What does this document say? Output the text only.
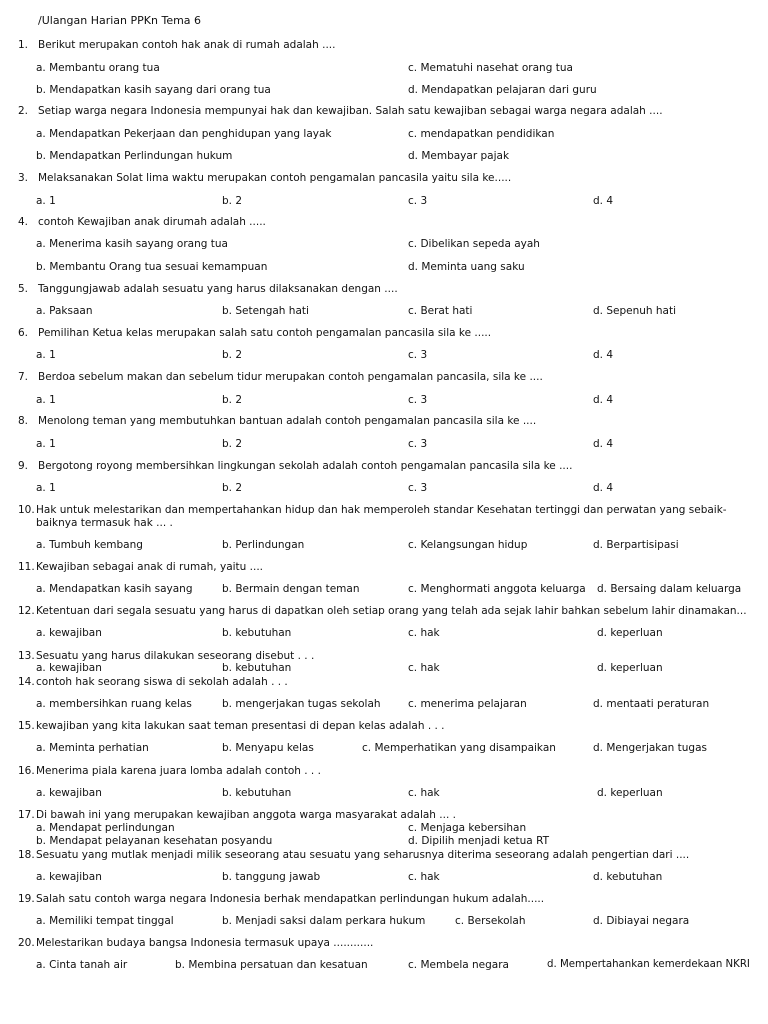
/Ulangan Harian PPKn Tema 6
1. Berikut merupakan contoh hak anak di rumah adalah ....
a. Membantu orang tua	c. Mematuhi nasehat orang tua
b. Mendapatkan kasih sayang dari orang tua	d. Mendapatkan pelajaran dari guru
2. Setiap warga negara Indonesia mempunyai hak dan kewajiban. Salah satu kewajiban sebagai warga negara adalah ....
a. Mendapatkan Pekerjaan dan penghidupan yang layak	c. mendapatkan pendidikan
b. Mendapatkan Perlindungan hukum	d. Membayar pajak
3. Melaksanakan Solat lima waktu merupakan contoh pengamalan pancasila yaitu sila ke.....
a. 1	b. 2	c. 3	d. 4
4. contoh Kewajiban anak dirumah adalah .....
a. Menerima kasih sayang orang tua	c. Dibelikan sepeda ayah
b. Membantu Orang tua sesuai kemampuan	d. Meminta uang saku
5. Tanggungjawab adalah sesuatu yang harus dilaksanakan dengan ....
a. Paksaan	b. Setengah hati	c. Berat hati	d. Sepenuh hati
6. Pemilihan Ketua kelas merupakan salah satu contoh pengamalan pancasila sila ke .....
a. 1	b. 2	c. 3	d. 4
7. Berdoa sebelum makan dan sebelum tidur merupakan contoh pengamalan pancasila, sila ke ....
a. 1	b. 2	c. 3	d. 4
8. Menolong teman yang membutuhkan bantuan adalah contoh pengamalan pancasila sila ke ....
a. 1	b. 2	c. 3	d. 4
9. Bergotong royong membersihkan lingkungan sekolah adalah contoh pengamalan pancasila sila ke ....
a. 1	b. 2	c. 3	d. 4
10. Hak untuk melestarikan dan mempertahankan hidup dan hak memperoleh standar Kesehatan tertinggi dan perwatan yang sebaik-
baiknya termasuk hak ... .
a. Tumbuh kembang	b. Perlindungan	c. Kelangsungan hidup	d. Berpartisipasi
11. Kewajiban sebagai anak di rumah, yaitu ....
a. Mendapatkan kasih sayang	b. Bermain dengan teman	c. Menghormati anggota keluarga d. Bersaing dalam keluarga
12. Ketentuan dari segala sesuatu yang harus di dapatkan oleh setiap orang yang telah ada sejak lahir bahkan sebelum lahir dinamakan...
a. kewajiban	b. kebutuhan	c. hak	d. keperluan
13. Sesuatu yang harus dilakukan seseorang disebut . . .
a. kewajiban	b. kebutuhan	c. hak	d. keperluan
14. contoh hak seorang siswa di sekolah adalah . . .
a. membersihkan ruang kelas	b. mengerjakan tugas sekolah	c. menerima pelajaran	d. mentaati peraturan
15. kewajiban yang kita lakukan saat teman presentasi di depan kelas adalah . . .
a. Meminta perhatian	b. Menyapu kelas	c. Memperhatikan yang disampaikan	d. Mengerjakan tugas
16. Menerima piala karena juara lomba adalah contoh . . .
a. kewajiban	b. kebutuhan	c. hak	d. keperluan
17. Di bawah ini yang merupakan kewajiban anggota warga masyarakat adalah ... .
a. Mendapat perlindungan	c. Menjaga kebersihan
b. Mendapat pelayanan kesehatan posyandu	d. Dipilih menjadi ketua RT
18. Sesuatu yang mutlak menjadi milik seseorang atau sesuatu yang seharusnya diterima seseorang adalah pengertian dari ....
a. kewajiban	b. tanggung jawab	c. hak	d. kebutuhan
19. Salah satu contoh warga negara Indonesia berhak mendapatkan perlindungan hukum adalah.....
a. Memiliki tempat tinggal	b. Menjadi saksi dalam perkara hukum	c. Bersekolah	d. Dibiayai negara
20. Melestarikan budaya bangsa Indonesia termasuk upaya ............
a. Cinta tanah air	b. Membina persatuan dan kesatuan	c. Membela negara	d. Mempertahankan kemerdekaan NKRI
